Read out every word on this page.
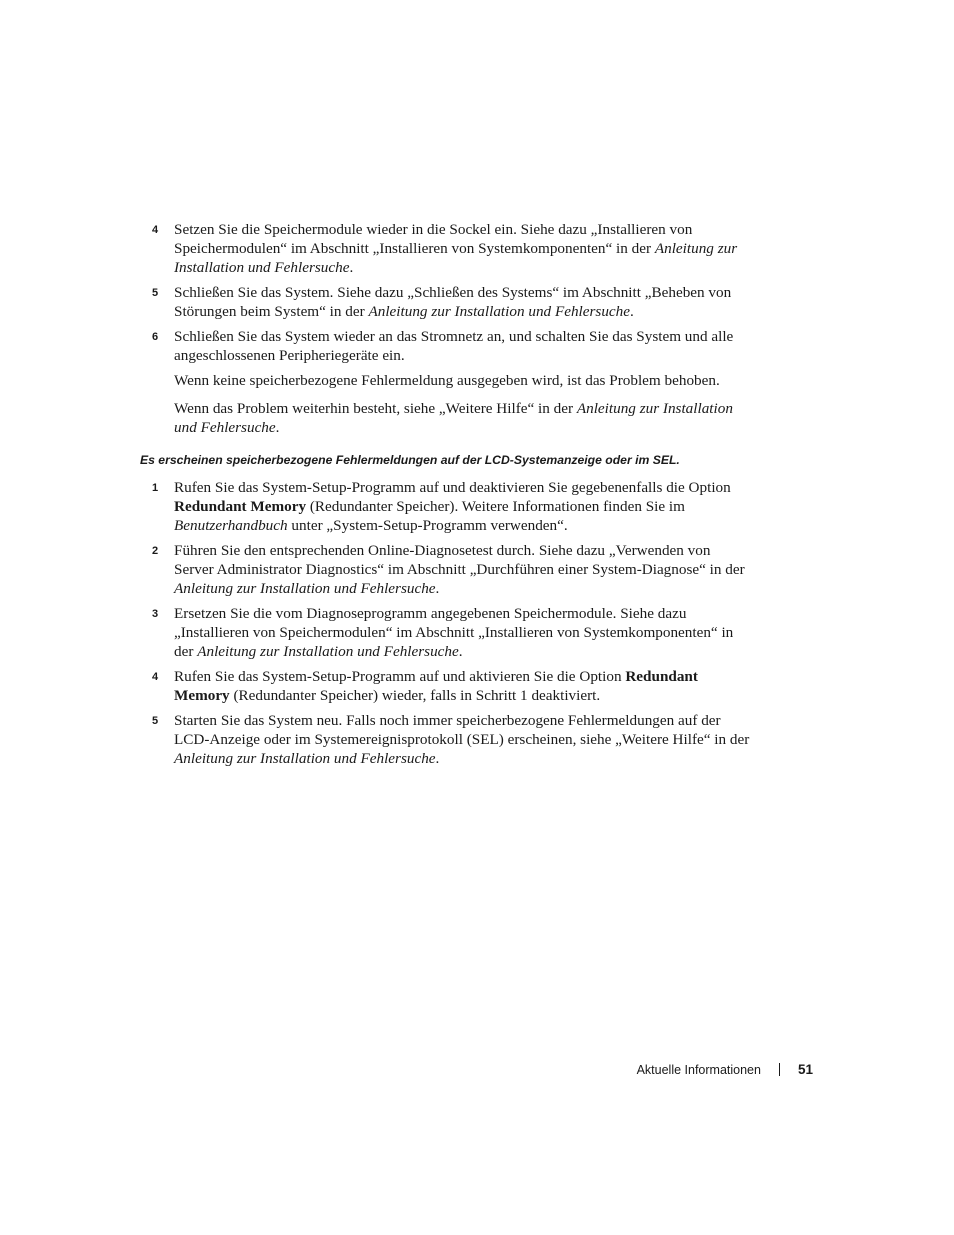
4 Setzen Sie die Speichermodule wieder in die Sockel ein. Siehe dazu „Installieren von Speichermodulen“ im Abschnitt „Installieren von Systemkomponenten“ in der Anleitung zur Installation und Fehlersuche.
5 Schließen Sie das System. Siehe dazu „Schließen des Systems“ im Abschnitt „Beheben von Störungen beim System“ in der Anleitung zur Installation und Fehlersuche.
6 Schließen Sie das System wieder an das Stromnetz an, und schalten Sie das System und alle angeschlossenen Peripheriegeräte ein.
Wenn keine speicherbezogene Fehlermeldung ausgegeben wird, ist das Problem behoben.
Wenn das Problem weiterhin besteht, siehe „Weitere Hilfe“ in der Anleitung zur Installation und Fehlersuche.
Es erscheinen speicherbezogene Fehlermeldungen auf der LCD-Systemanzeige oder im SEL.
1 Rufen Sie das System-Setup-Programm auf und deaktivieren Sie gegebenenfalls die Option Redundant Memory (Redundanter Speicher). Weitere Informationen finden Sie im Benutzerhandbuch unter „System-Setup-Programm verwenden“.
2 Führen Sie den entsprechenden Online-Diagnosetest durch. Siehe dazu „Verwenden von Server Administrator Diagnostics“ im Abschnitt „Durchführen einer System-Diagnose“ in der Anleitung zur Installation und Fehlersuche.
3 Ersetzen Sie die vom Diagnoseprogramm angegebenen Speichermodule. Siehe dazu „Installieren von Speichermodulen“ im Abschnitt „Installieren von Systemkomponenten“ in der Anleitung zur Installation und Fehlersuche.
4 Rufen Sie das System-Setup-Programm auf und aktivieren Sie die Option Redundant Memory (Redundanter Speicher) wieder, falls in Schritt 1 deaktiviert.
5 Starten Sie das System neu. Falls noch immer speicherbezogene Fehlermeldungen auf der LCD-Anzeige oder im Systemereignisprotokoll (SEL) erscheinen, siehe „Weitere Hilfe“ in der Anleitung zur Installation und Fehlersuche.
Aktuelle Informationen	51
